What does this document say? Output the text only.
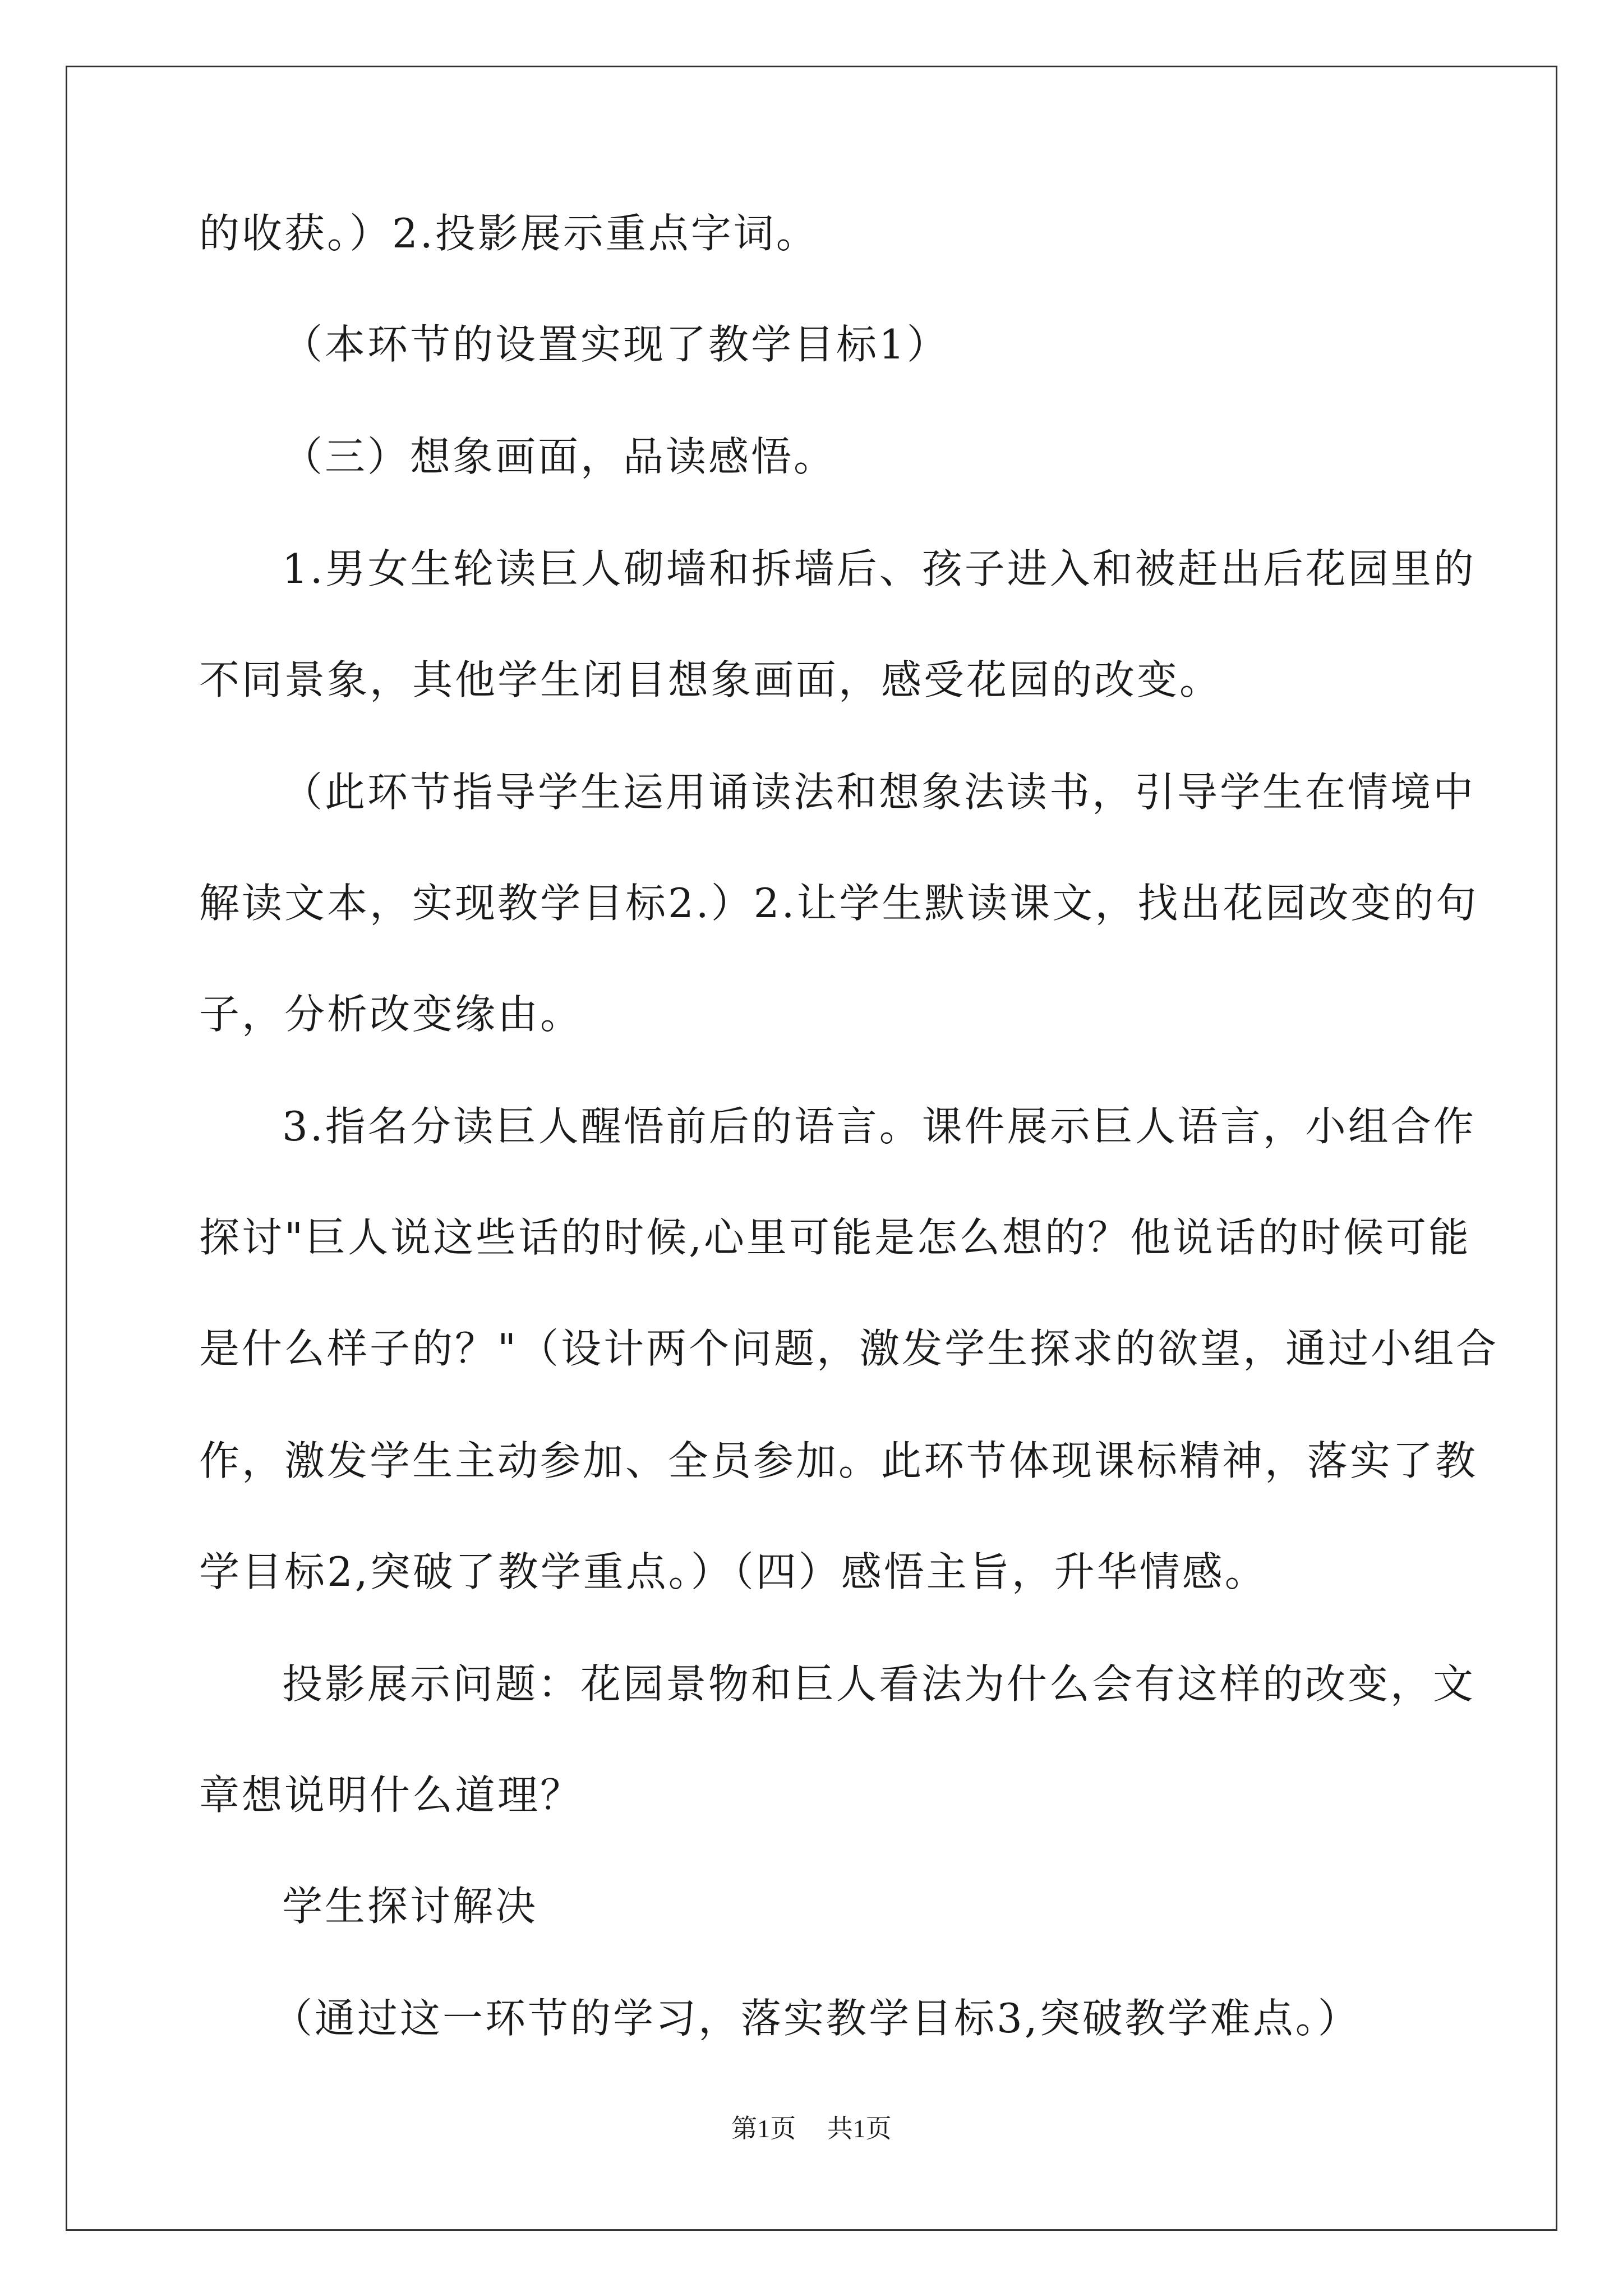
的收获。）2.投影展示重点字词。
（本环节的设置实现了教学目标1）
（三）想象画面，品读感悟。
1.男女生轮读巨人砌墙和拆墙后、孩子进入和被赶出后花园里的
不同景象，其他学生闭目想象画面，感受花园的改变。
（此环节指导学生运用诵读法和想象法读书，引导学生在情境中
解读文本，实现教学目标2.）2.让学生默读课文，找出花园改变的句
子，分析改变缘由。
3.指名分读巨人醒悟前后的语言。课件展示巨人语言，小组合作
探讨"巨人说这些话的时候,心里可能是怎么想的？他说话的时候可能
是什么样子的？"（设计两个问题，激发学生探求的欲望，通过小组合
作，激发学生主动参加、全员参加。此环节体现课标精神，落实了教
学目标2,突破了教学重点。）（四）感悟主旨，升华情感。
投影展示问题：花园景物和巨人看法为什么会有这样的改变，文
章想说明什么道理？
学生探讨解决
（通过这一环节的学习，落实教学目标3,突破教学难点。）
第1页 共1页
